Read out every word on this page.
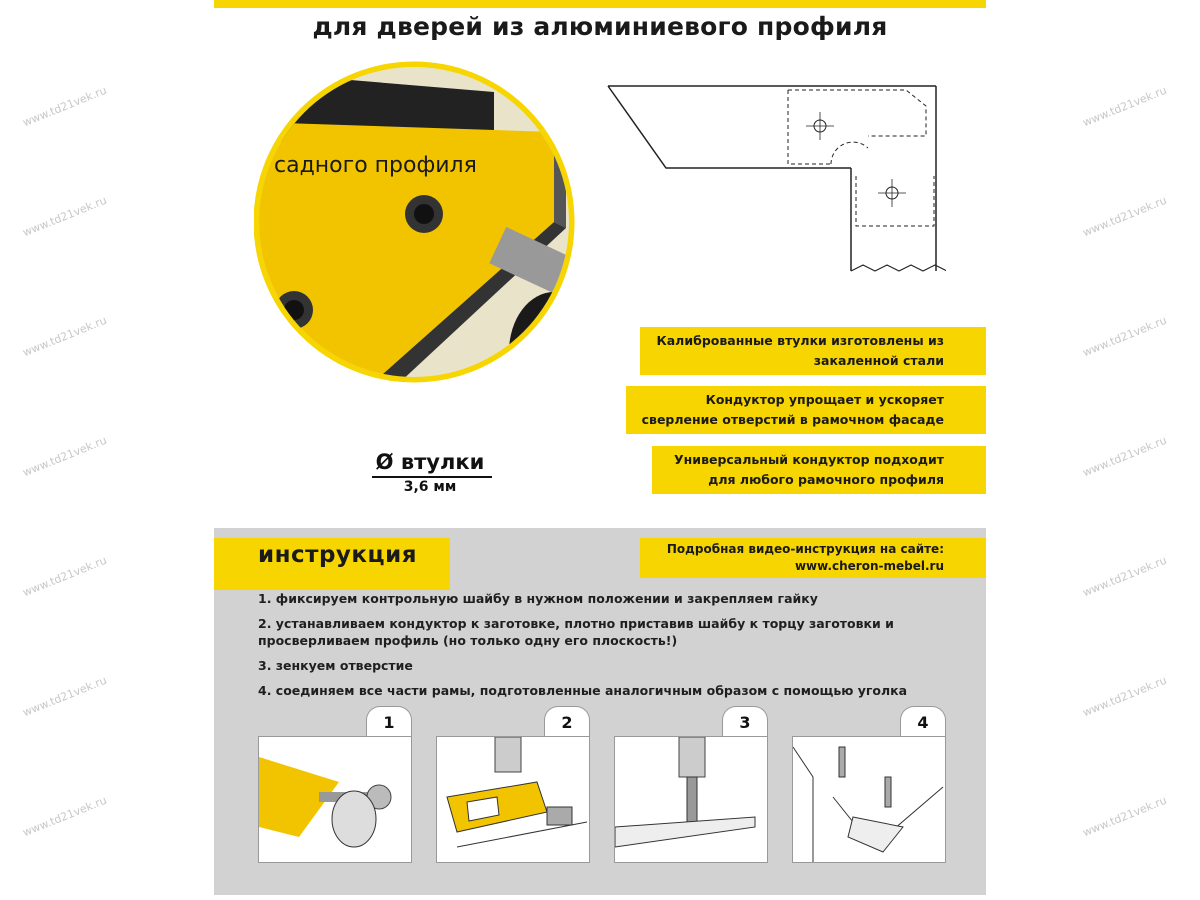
www.td21vek.ru
www.td21vek.ru
www.td21vek.ru
www.td21vek.ru
www.td21vek.ru
www.td21vek.ru
www.td21vek.ru
www.td21vek.ru
www.td21vek.ru
www.td21vek.ru
www.td21vek.ru
www.td21vek.ru
www.td21vek.ru
www.td21vek.ru
для дверей из алюминиевого профиля
садного профиля
Ø втулки
3,6 мм
Калиброванные втулки изготовлены из
закаленной стали
Кондуктор упрощает и ускоряет
сверление отверстий в рамочном фасаде
Универсальный кондуктор подходит
для любого рамочного профиля
инструкция	Подробная видео-инструкция на сайте:
www.cheron-mebel.ru
1. фиксируем контрольную шайбу в нужном положении и закрепляем гайку
2. устанавливаем кондуктор к заготовке, плотно приставив шайбу к торцу заготовки и просверливаем профиль (но только одну его плоскость!)
3. зенкуем отверстие
4. соединяем все части рамы, подготовленные аналогичным образом с помощью уголка
1	2	3	4
